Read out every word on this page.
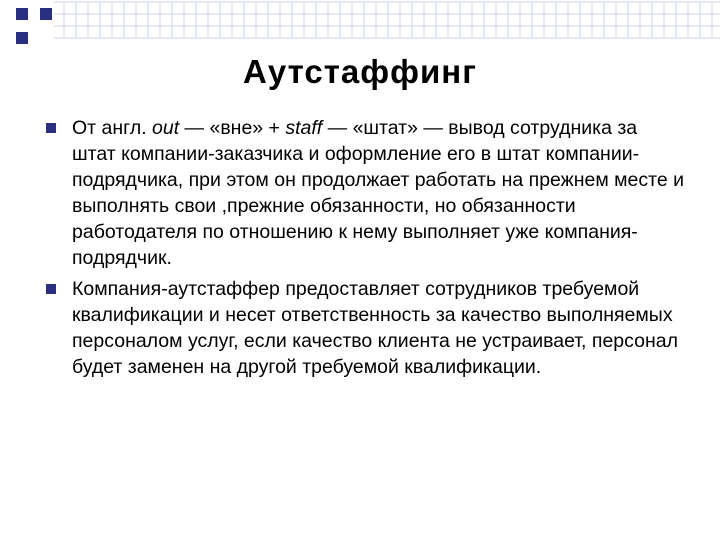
Аутстаффинг
От англ. out — «вне» + staff — «штат» — вывод сотрудника за штат компании-заказчика и оформление его в штат компании-подрядчика, при этом он продолжает работать на прежнем месте и выполнять свои ,прежние обязанности, но обязанности работодателя по отношению к нему выполняет уже компания-подрядчик.
Компания-аутстаффер предоставляет сотрудников требуемой квалификации и несет ответственность за качество выполняемых персоналом услуг, если качество клиента не устраивает, персонал будет заменен на другой требуемой квалификации.
